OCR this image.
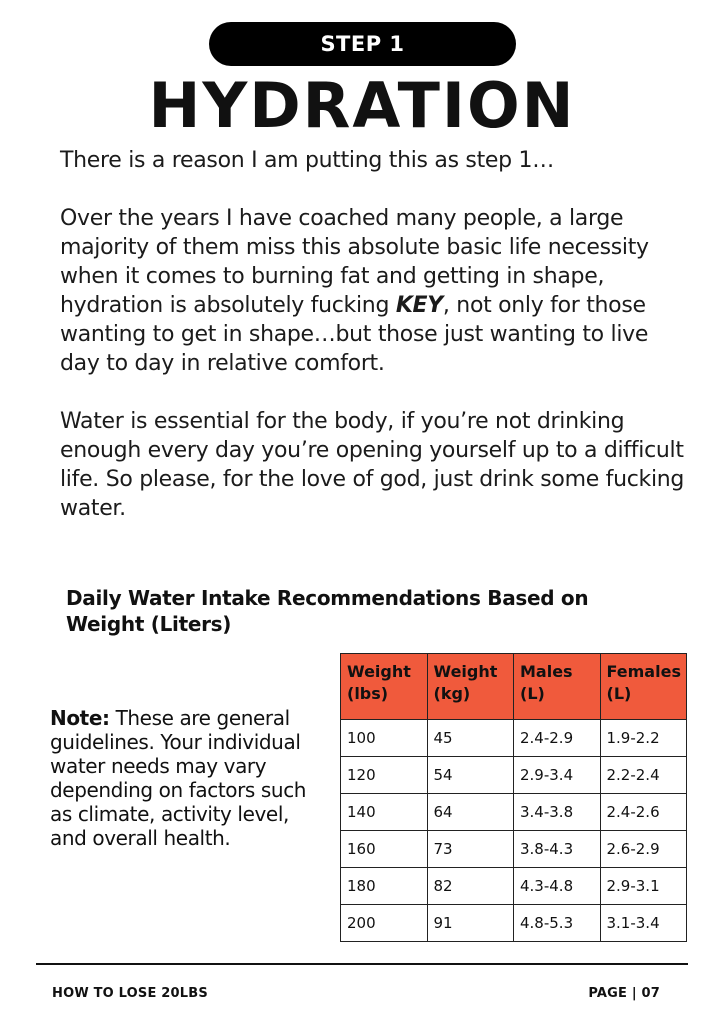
STEP 1
HYDRATION

There is a reason I am putting this as step 1…

Over the years I have coached many people, a large majority of them miss this absolute basic life necessity when it comes to burning fat and getting in shape, hydration is absolutely fucking KEY, not only for those wanting to get in shape…but those just wanting to live day to day in relative comfort.

Water is essential for the body, if you’re not drinking enough every day you’re opening yourself up to a difficult life. So please, for the love of god, just drink some fucking water.

Daily Water Intake Recommendations Based on Weight (Liters)
Note: These are general guidelines. Your individual water needs may vary depending on factors such as climate, activity level, and overall health.
Weight (lbs)	Weight (kg)	Males (L)	Females (L)
100	45	2.4-2.9	1.9-2.2
120	54	2.9-3.4	2.2-2.4
140	64	3.4-3.8	2.4-2.6
160	73	3.8-4.3	2.6-2.9
180	82	4.3-4.8	2.9-3.1
200	91	4.8-5.3	3.1-3.4
HOW TO LOSE 20LBS	PAGE | 07
